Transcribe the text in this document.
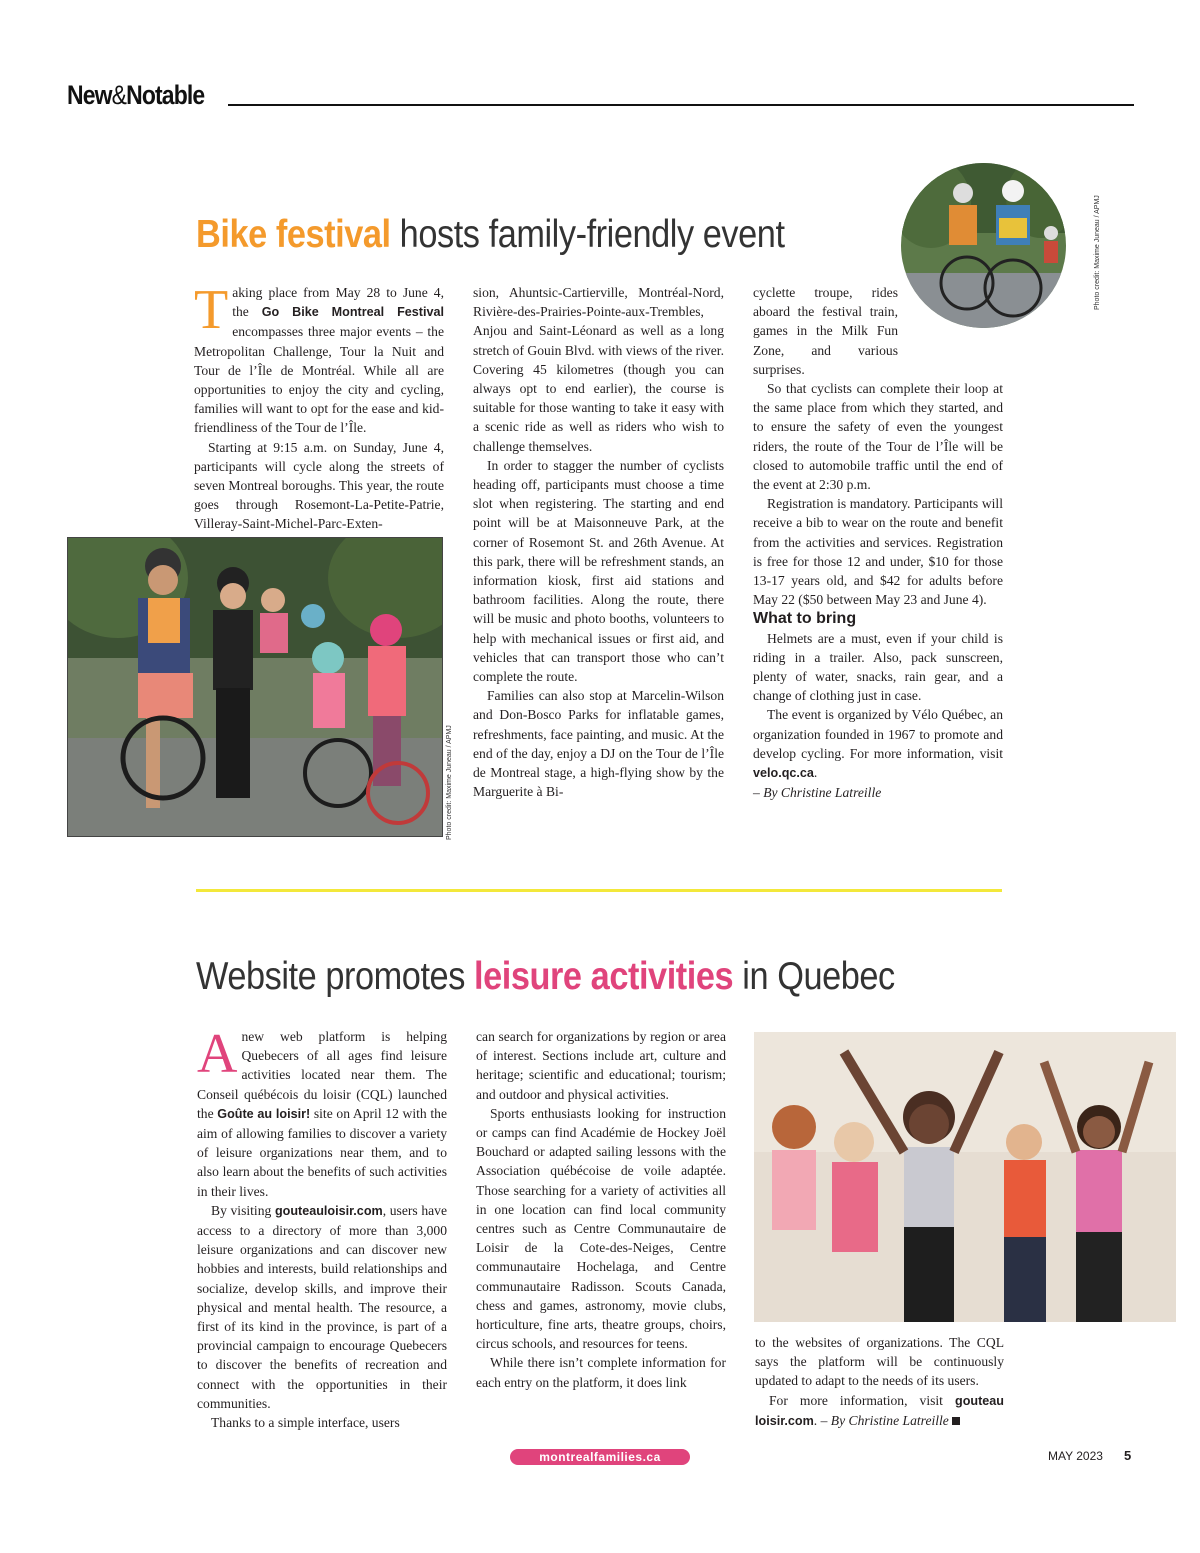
New&Notable
Bike festival hosts family-friendly event	Photo credit: Maxime Juneau / APMJ

Taking place from May 28 to June 4, the Go Bike Montreal Festival encompasses three major events – the Metropolitan Challenge, Tour la Nuit and Tour de l’Île de Montréal. While all are opportunities to enjoy the city and cycling, families will want to opt for the ease and kid-friendliness of the Tour de l’Île.

Starting at 9:15 a.m. on Sunday, June 4, participants will cycle along the streets of seven Montreal boroughs. This year, the route goes through Rosemont-La-Petite-Patrie, Villeray-Saint-Michel-Parc-Exten-

Photo credit: Maxime Juneau / APMJ

sion, Ahuntsic-Cartierville, Montréal-Nord, Rivière-des-Prairies-Pointe-aux-Trembles, Anjou and Saint-Léonard as well as a long stretch of Gouin Blvd. with views of the river. Covering 45 kilometres (though you can always opt to end earlier), the course is suitable for those wanting to take it easy with a scenic ride as well as riders who wish to challenge themselves.

In order to stagger the number of cyclists heading off, participants must choose a time slot when registering. The starting and end point will be at Maisonneuve Park, at the corner of Rosemont St. and 26th Avenue. At this park, there will be refreshment stands, an information kiosk, first aid stations and bathroom facilities. Along the route, there will be music and photo booths, volunteers to help with mechanical issues or first aid, and vehicles that can transport those who can’t complete the route.

Families can also stop at Marcelin-Wilson and Don-Bosco Parks for inflatable games, refreshments, face painting, and music. At the end of the day, enjoy a DJ on the Tour de l’Île de Montreal stage, a high-flying show by the Marguerite à Bi-

cyclette troupe, rides aboard the festival train, games in the Milk Fun Zone, and various surprises.

So that cyclists can complete their loop at the same place from which they started, and to ensure the safety of even the youngest riders, the route of the Tour de l’Île will be closed to automobile traffic until the end of the event at 2:30 p.m.

Registration is mandatory. Participants will receive a bib to wear on the route and benefit from the activities and services. Registration is free for those 12 and under, $10 for those 13-17 years old, and $42 for adults before May 22 ($50 between May 23 and June 4).

What to bring

Helmets are a must, even if your child is riding in a trailer. Also, pack sunscreen, plenty of water, snacks, rain gear, and a change of clothing just in case.

The event is organized by Vélo Québec, an organization founded in 1967 to promote and develop cycling. For more information, visit velo.qc.ca.

– By Christine Latreille

Website promotes leisure activities in Quebec

A new web platform is helping Quebecers of all ages find leisure activities located near them. The Conseil québécois du loisir (CQL) launched the Goûte au loisir! site on April 12 with the aim of allowing families to discover a variety of leisure organizations near them, and to also learn about the benefits of such activities in their lives.

By visiting gouteauloisir.com, users have access to a directory of more than 3,000 leisure organizations and can discover new hobbies and interests, build relationships and socialize, develop skills, and improve their physical and mental health. The resource, a first of its kind in the province, is part of a provincial campaign to encourage Quebecers to discover the benefits of recreation and connect with the opportunities in their communities.

Thanks to a simple interface, users

can search for organizations by region or area of interest. Sections include art, culture and heritage; scientific and educational; tourism; and outdoor and physical activities.

Sports enthusiasts looking for instruction or camps can find Académie de Hockey Joël Bouchard or adapted sailing lessons with the Association québécoise de voile adaptée. Those searching for a variety of activities all in one location can find local community centres such as Centre Communautaire de Loisir de la Cote-des-Neiges, Centre communautaire Hochelaga, and Centre communautaire Radisson. Scouts Canada, chess and games, astronomy, movie clubs, horticulture, fine arts, theatre groups, choirs, circus schools, and resources for teens.

While there isn’t complete information for each entry on the platform, it does link

to the websites of organizations. The CQL says the platform will be continuously updated to adapt to the needs of its users.

For more information, visit gouteau loisir.com. – By Christine Latreille

montrealfamilies.ca	MAY 2023 5
